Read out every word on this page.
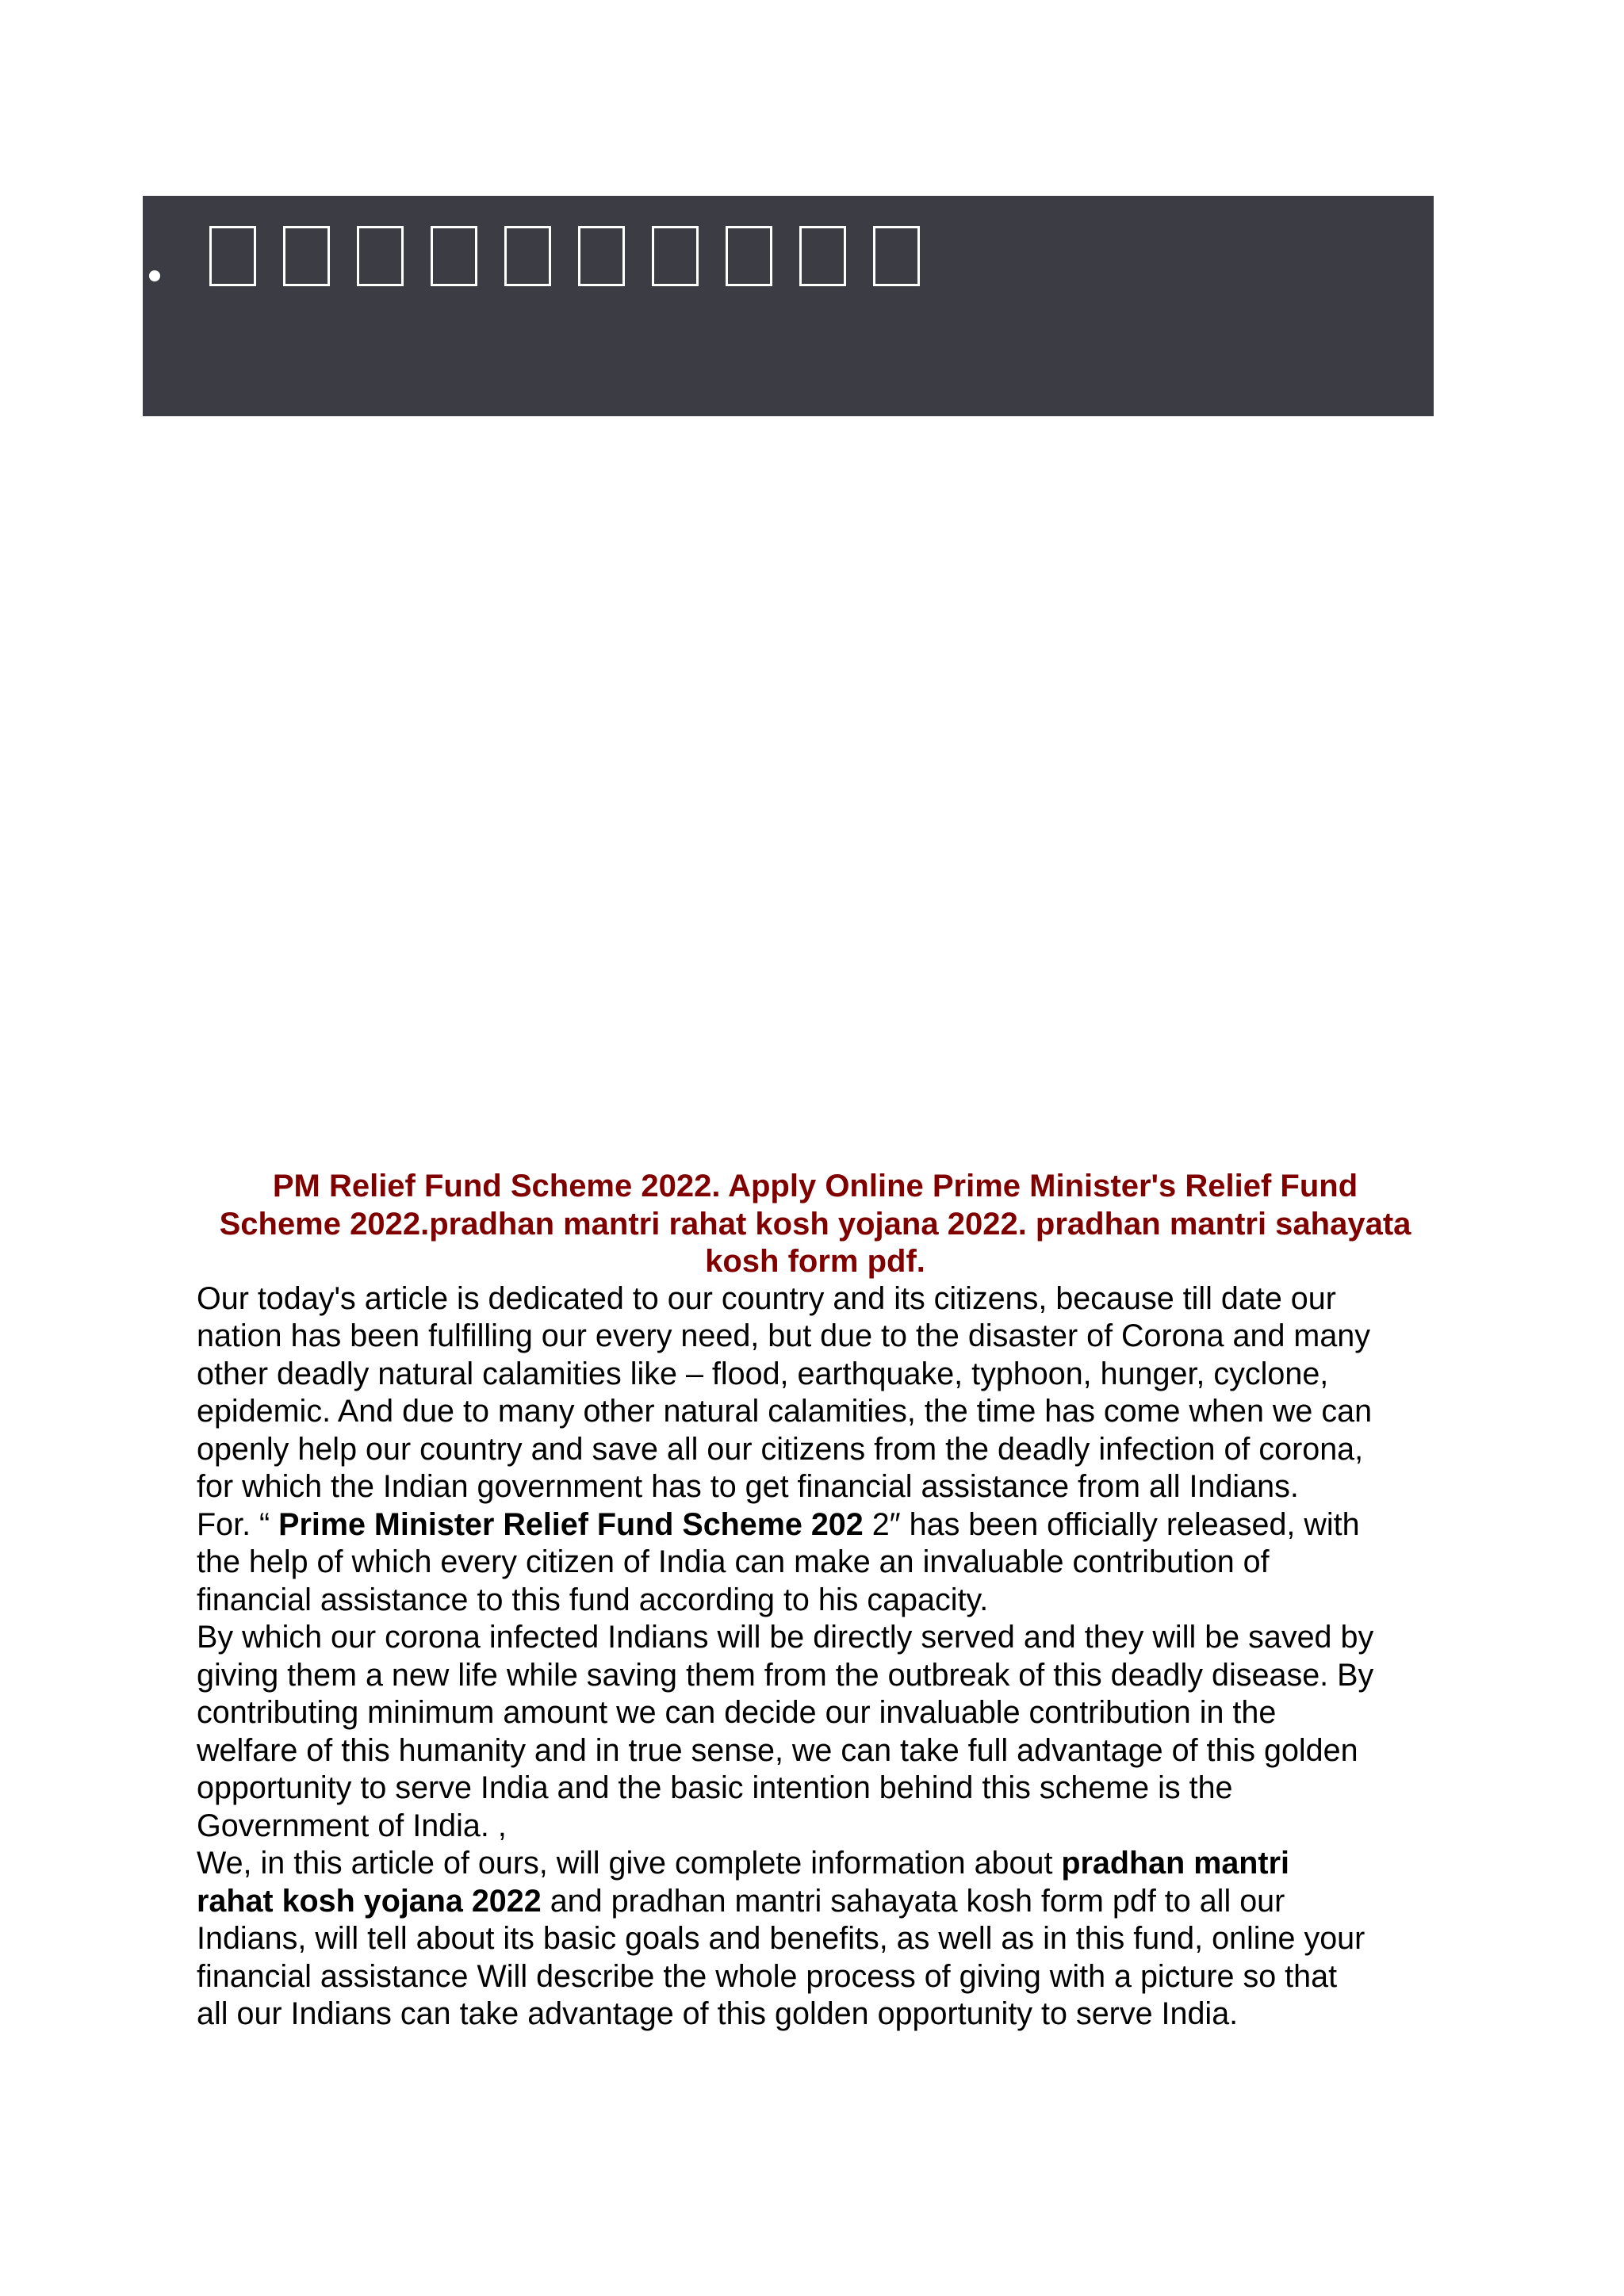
PM Relief Fund Scheme 2022. Apply Online Prime Minister's Relief Fund
Scheme 2022.pradhan mantri rahat kosh yojana 2022. pradhan mantri sahayata
kosh form pdf.
Our today's article is dedicated to our country and its citizens, because till date our
nation has been fulfilling our every need, but due to the disaster of Corona and many
other deadly natural calamities like – flood, earthquake, typhoon, hunger, cyclone,
epidemic. And due to many other natural calamities, the time has come when we can
openly help our country and save all our citizens from the deadly infection of corona,
for which the Indian government has to get financial assistance from all Indians.
For. “ Prime Minister Relief Fund Scheme 202 2″ has been officially released, with
the help of which every citizen of India can make an invaluable contribution of
financial assistance to this fund according to his capacity.
By which our corona infected Indians will be directly served and they will be saved by
giving them a new life while saving them from the outbreak of this deadly disease. By
contributing minimum amount we can decide our invaluable contribution in the
welfare of this humanity and in true sense, we can take full advantage of this golden
opportunity to serve India and the basic intention behind this scheme is the
Government of India. ,
We, in this article of ours, will give complete information about pradhan mantri
rahat kosh yojana 2022 and pradhan mantri sahayata kosh form pdf to all our
Indians, will tell about its basic goals and benefits, as well as in this fund, online your
financial assistance Will describe the whole process of giving with a picture so that
all our Indians can take advantage of this golden opportunity to serve India.
